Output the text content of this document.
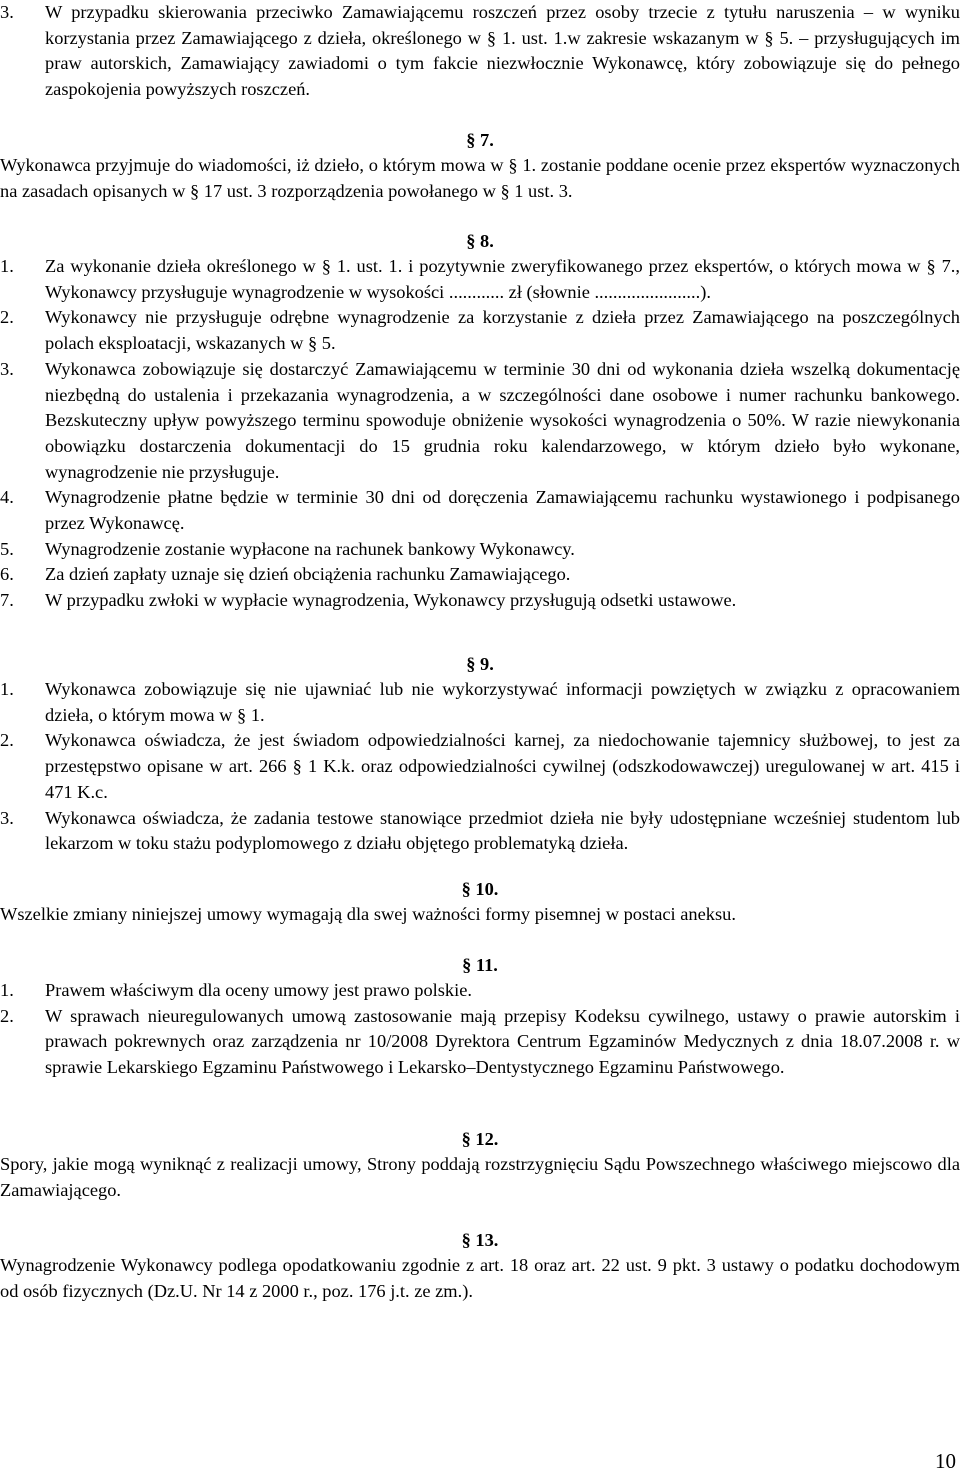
3.	W przypadku skierowania przeciwko Zamawiającemu roszczeń przez osoby trzecie z tytułu naruszenia – w wyniku korzystania przez Zamawiającego z dzieła, określonego w § 1. ust. 1.w zakresie wskazanym w § 5. – przysługujących im praw autorskich, Zamawiający zawiadomi o tym fakcie niezwłocznie Wykonawcę, który zobowiązuje się do pełnego zaspokojenia powyższych roszczeń.
§ 7.
Wykonawca przyjmuje do wiadomości, iż dzieło, o którym mowa w § 1. zostanie poddane ocenie przez ekspertów wyznaczonych na zasadach opisanych w § 17 ust. 3 rozporządzenia powołanego w § 1 ust. 3.
§ 8.
1.	Za wykonanie dzieła określonego w § 1. ust. 1. i pozytywnie zweryfikowanego przez ekspertów, o których mowa w § 7., Wykonawcy przysługuje wynagrodzenie w wysokości ............ zł (słownie .......................).
2.	Wykonawcy nie przysługuje odrębne wynagrodzenie za korzystanie z dzieła przez Zamawiającego na poszczególnych polach eksploatacji, wskazanych w § 5.
3.	Wykonawca zobowiązuje się dostarczyć Zamawiającemu w terminie 30 dni od wykonania dzieła wszelką dokumentację niezbędną do ustalenia i przekazania wynagrodzenia, a w szczególności dane osobowe i numer rachunku bankowego. Bezskuteczny upływ powyższego terminu spowoduje obniżenie wysokości wynagrodzenia o 50%. W razie niewykonania obowiązku dostarczenia dokumentacji do 15 grudnia roku kalendarzowego, w którym dzieło było wykonane, wynagrodzenie nie przysługuje.
4.	Wynagrodzenie płatne będzie w terminie 30 dni od doręczenia Zamawiającemu rachunku wystawionego i podpisanego przez Wykonawcę.
5.	Wynagrodzenie zostanie wypłacone na rachunek bankowy Wykonawcy.
6.	Za dzień zapłaty uznaje się dzień obciążenia rachunku Zamawiającego.
7.	W przypadku zwłoki w wypłacie wynagrodzenia, Wykonawcy przysługują odsetki ustawowe.
§ 9.
1.	Wykonawca zobowiązuje się nie ujawniać lub nie wykorzystywać informacji powziętych w związku z opracowaniem dzieła, o którym mowa w § 1.
2.	Wykonawca oświadcza, że jest świadom odpowiedzialności karnej, za niedochowanie tajemnicy służbowej, to jest za przestępstwo opisane w art. 266 § 1 K.k. oraz odpowiedzialności cywilnej (odszkodowawczej) uregulowanej w art. 415 i 471 K.c.
3.	Wykonawca oświadcza, że zadania testowe stanowiące przedmiot dzieła nie były udostępniane wcześniej studentom lub lekarzom w toku stażu podyplomowego z działu objętego problematyką dzieła.
§ 10.
Wszelkie zmiany niniejszej umowy wymagają dla swej ważności formy pisemnej w postaci aneksu.
§ 11.
1.	Prawem właściwym dla oceny umowy jest prawo polskie.
2.	W sprawach nieuregulowanych umową zastosowanie mają przepisy Kodeksu cywilnego, ustawy o prawie autorskim i prawach pokrewnych oraz zarządzenia nr 10/2008 Dyrektora Centrum Egzaminów Medycznych z dnia 18.07.2008 r. w sprawie Lekarskiego Egzaminu Państwowego i Lekarsko–Dentystycznego Egzaminu Państwowego.
§ 12.
Spory, jakie mogą wyniknąć z realizacji umowy, Strony poddają rozstrzygnięciu Sądu Powszechnego właściwego miejscowo dla Zamawiającego.
§ 13.
Wynagrodzenie Wykonawcy podlega opodatkowaniu zgodnie z art. 18 oraz art. 22 ust. 9 pkt. 3 ustawy o podatku dochodowym od osób fizycznych (Dz.U. Nr 14 z 2000 r., poz. 176 j.t. ze zm.).
10
